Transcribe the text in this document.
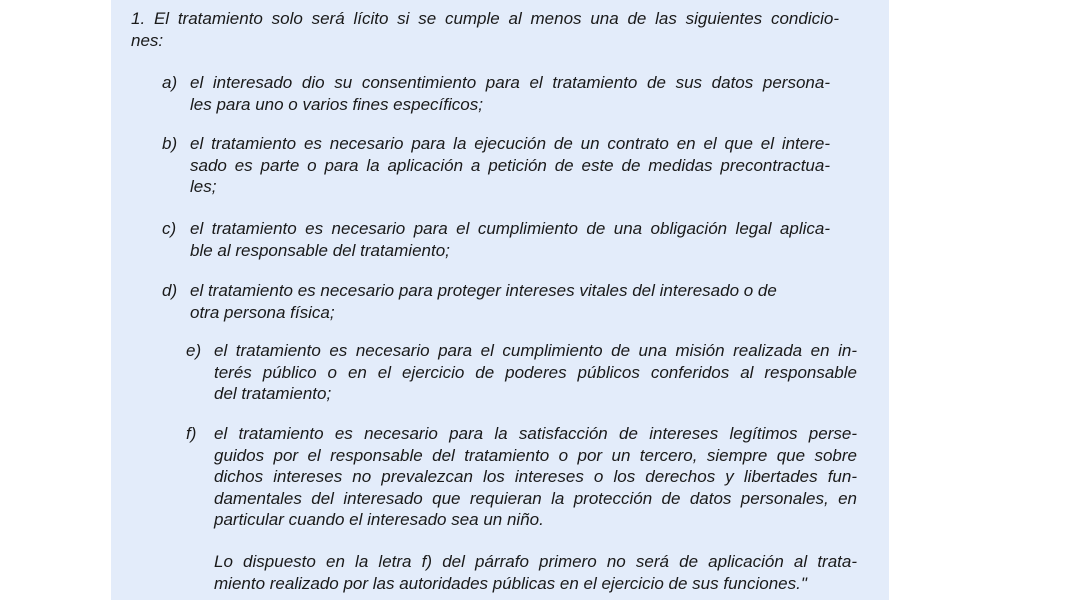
1. El tratamiento solo será lícito si se cumple al menos una de las siguientes condicio-
nes:
a) el interesado dio su consentimiento para el tratamiento de sus datos persona-
les para uno o varios fines específicos;
b) el tratamiento es necesario para la ejecución de un contrato en el que el intere-
sado es parte o para la aplicación a petición de este de medidas precontractua-
les;
c) el tratamiento es necesario para el cumplimiento de una obligación legal aplica-
ble al responsable del tratamiento;
d) el tratamiento es necesario para proteger intereses vitales del interesado o de
otra persona física;
e) el tratamiento es necesario para el cumplimiento de una misión realizada en in-
terés público o en el ejercicio de poderes públicos conferidos al responsable
del tratamiento;
f) el tratamiento es necesario para la satisfacción de intereses legítimos perse-
guidos por el responsable del tratamiento o por un tercero, siempre que sobre
dichos intereses no prevalezcan los intereses o los derechos y libertades fun-
damentales del interesado que requieran la protección de datos personales, en
particular cuando el interesado sea un niño.
Lo dispuesto en la letra f) del párrafo primero no será de aplicación al trata-
miento realizado por las autoridades públicas en el ejercicio de sus funciones."
